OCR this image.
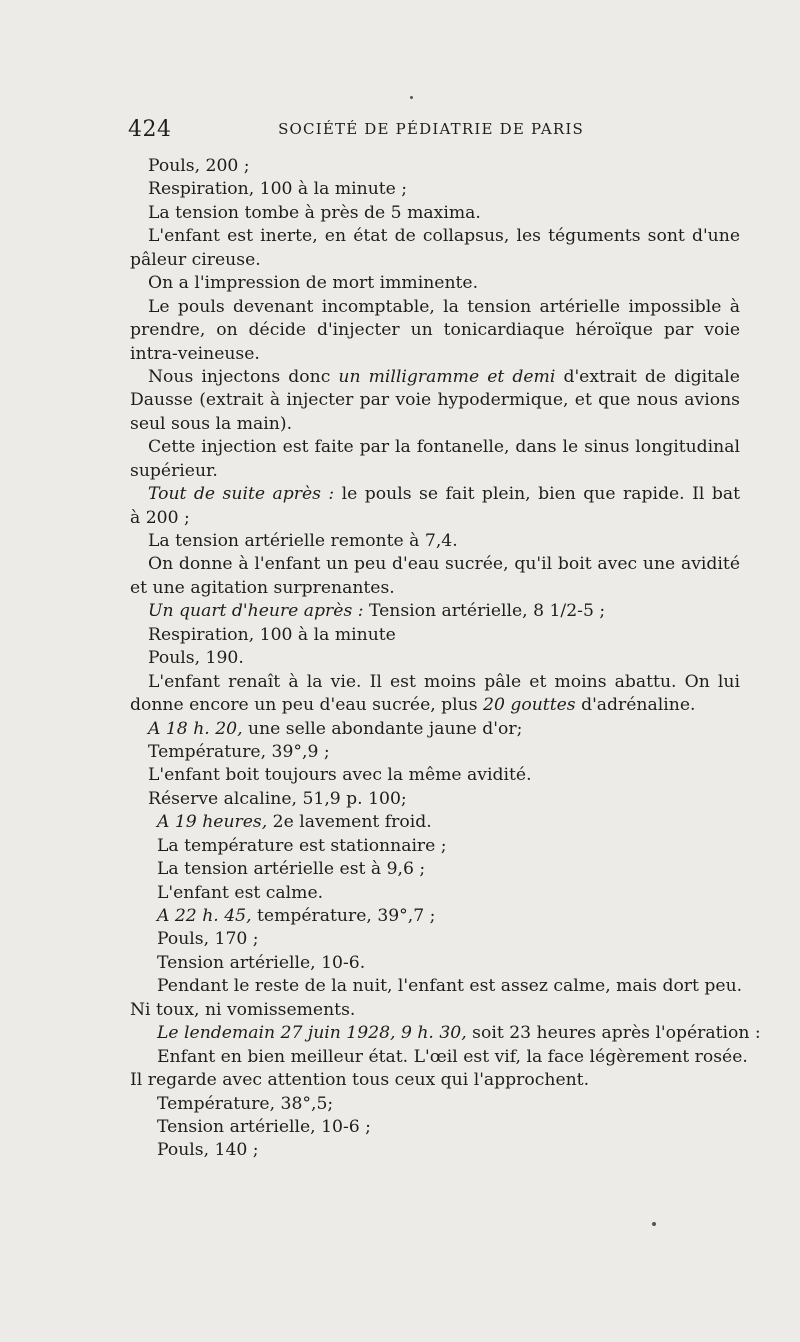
424	SOCIÉTÉ DE PÉDIATRIE DE PARIS
Pouls, 200 ;
Respiration, 100 à la minute ;
La tension tombe à près de 5 maxima.
L'enfant est inerte, en état de collapsus, les téguments sont d'une
pâleur cireuse.
On a l'impression de mort imminente.
Le pouls devenant incomptable, la tension artérielle impossible à
prendre, on décide d'injecter un tonicardiaque héroïque par voie
intra-veineuse.
Nous injectons donc un milligramme et demi d'extrait de digitale
Dausse (extrait à injecter par voie hypodermique, et que nous avions
seul sous la main).
Cette injection est faite par la fontanelle, dans le sinus longitudinal
supérieur.
Tout de suite après : le pouls se fait plein, bien que rapide. Il bat
à 200 ;
La tension artérielle remonte à 7,4.
On donne à l'enfant un peu d'eau sucrée, qu'il boit avec une avidité
et une agitation surprenantes.
Un quart d'heure après : Tension artérielle, 8 1/2-5 ;
Respiration, 100 à la minute
Pouls, 190.
L'enfant renaît à la vie. Il est moins pâle et moins abattu. On lui
donne encore un peu d'eau sucrée, plus 20 gouttes d'adrénaline.
A 18 h. 20, une selle abondante jaune d'or;
Température, 39°,9 ;
L'enfant boit toujours avec la même avidité.
Réserve alcaline, 51,9 p. 100;
A 19 heures, 2e lavement froid.
La température est stationnaire ;
La tension artérielle est à 9,6 ;
L'enfant est calme.
A 22 h. 45, température, 39°,7 ;
Pouls, 170 ;
Tension artérielle, 10-6.
Pendant le reste de la nuit, l'enfant est assez calme, mais dort peu.
Ni toux, ni vomissements.
Le lendemain 27 juin 1928, 9 h. 30, soit 23 heures après l'opération :
Enfant en bien meilleur état. L'œil est vif, la face légèrement rosée.
Il regarde avec attention tous ceux qui l'approchent.
Température, 38°,5;
Tension artérielle, 10-6 ;
Pouls, 140 ;
